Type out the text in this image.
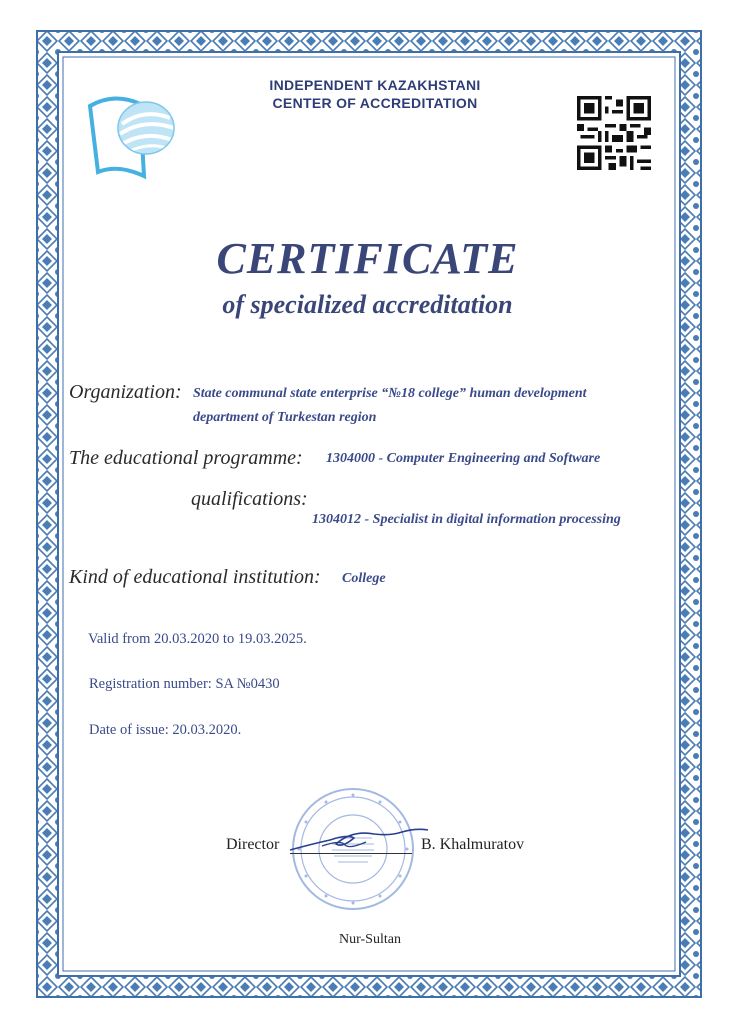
INDEPENDENT KAZAKHSTANI
CENTER OF ACCREDITATION
CERTIFICATE
of specialized accreditation
Organization: State communal state enterprise “№18 college” human development
department of Turkestan region
The educational programme: 1304000 - Computer Engineering and Software
qualifications:
1304012 - Specialist in digital information processing
Kind of educational institution: College
Valid from 20.03.2020 to 19.03.2025.
Registration number: SA №0430
Date of issue: 20.03.2020.
Director	B. Khalmuratov
Nur-Sultan
